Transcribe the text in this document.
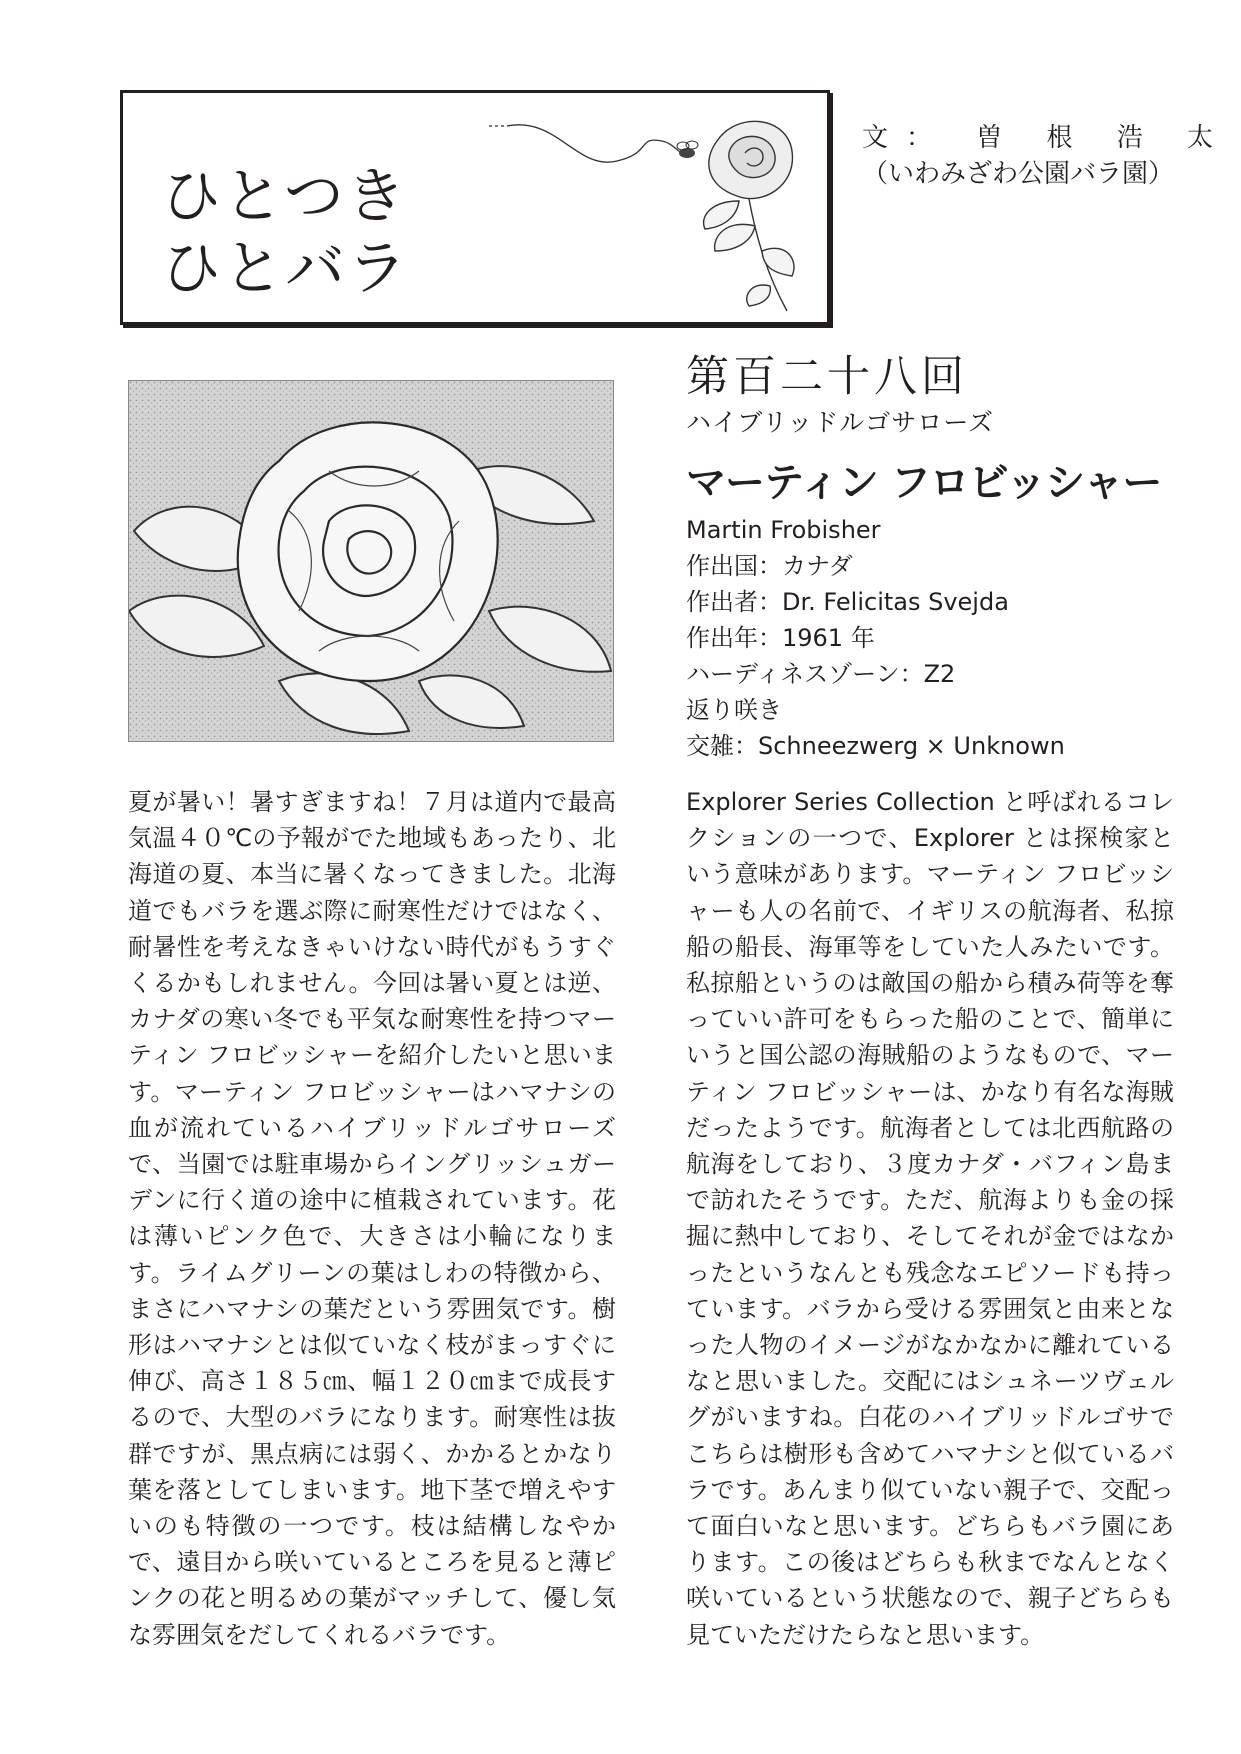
ひとつき
ひとバラ
文： 曽 根 浩 太
（いわみざわ公園バラ園）
第百二十八回
ハイブリッドルゴサローズ
マーティン フロビッシャー
Martin Frobisher
作出国：カナダ
作出者：Dr. Felicitas Svejda
作出年：1961 年
ハーディネスゾーン：Z2
返り咲き
交雑：Schneezwerg × Unknown
夏が暑い！暑すぎますね！７月は道内で最高気温４０℃の予報がでた地域もあったり、北海道の夏、本当に暑くなってきました。北海道でもバラを選ぶ際に耐寒性だけではなく、耐暑性を考えなきゃいけない時代がもうすぐくるかもしれません。今回は暑い夏とは逆、カナダの寒い冬でも平気な耐寒性を持つマーティン フロビッシャーを紹介したいと思います。マーティン フロビッシャーはハマナシの血が流れているハイブリッドルゴサローズで、当園では駐車場からイングリッシュガーデンに行く道の途中に植栽されています。花は薄いピンク色で、大きさは小輪になります。ライムグリーンの葉はしわの特徴から、まさにハマナシの葉だという雰囲気です。樹形はハマナシとは似ていなく枝がまっすぐに伸び、高さ１８５㎝、幅１２０㎝まで成長するので、大型のバラになります。耐寒性は抜群ですが、黒点病には弱く、かかるとかなり葉を落としてしまいます。地下茎で増えやすいのも特徴の一つです。枝は結構しなやかで、遠目から咲いているところを見ると薄ピンクの花と明るめの葉がマッチして、優し気な雰囲気をだしてくれるバラです。
Explorer Series Collection と呼ばれるコレクションの一つで、Explorer とは探検家という意味があります。マーティン フロビッシャーも人の名前で、イギリスの航海者、私掠船の船長、海軍等をしていた人みたいです。私掠船というのは敵国の船から積み荷等を奪っていい許可をもらった船のことで、簡単にいうと国公認の海賊船のようなもので、マーティン フロビッシャーは、かなり有名な海賊だったようです。航海者としては北西航路の航海をしており、３度カナダ・バフィン島まで訪れたそうです。ただ、航海よりも金の採掘に熱中しており、そしてそれが金ではなかったというなんとも残念なエピソードも持っています。バラから受ける雰囲気と由来となった人物のイメージがなかなかに離れているなと思いました。交配にはシュネーツヴェルグがいますね。白花のハイブリッドルゴサでこちらは樹形も含めてハマナシと似ているバラです。あんまり似ていない親子で、交配って面白いなと思います。どちらもバラ園にあります。この後はどちらも秋までなんとなく咲いているという状態なので、親子どちらも見ていただけたらなと思います。
